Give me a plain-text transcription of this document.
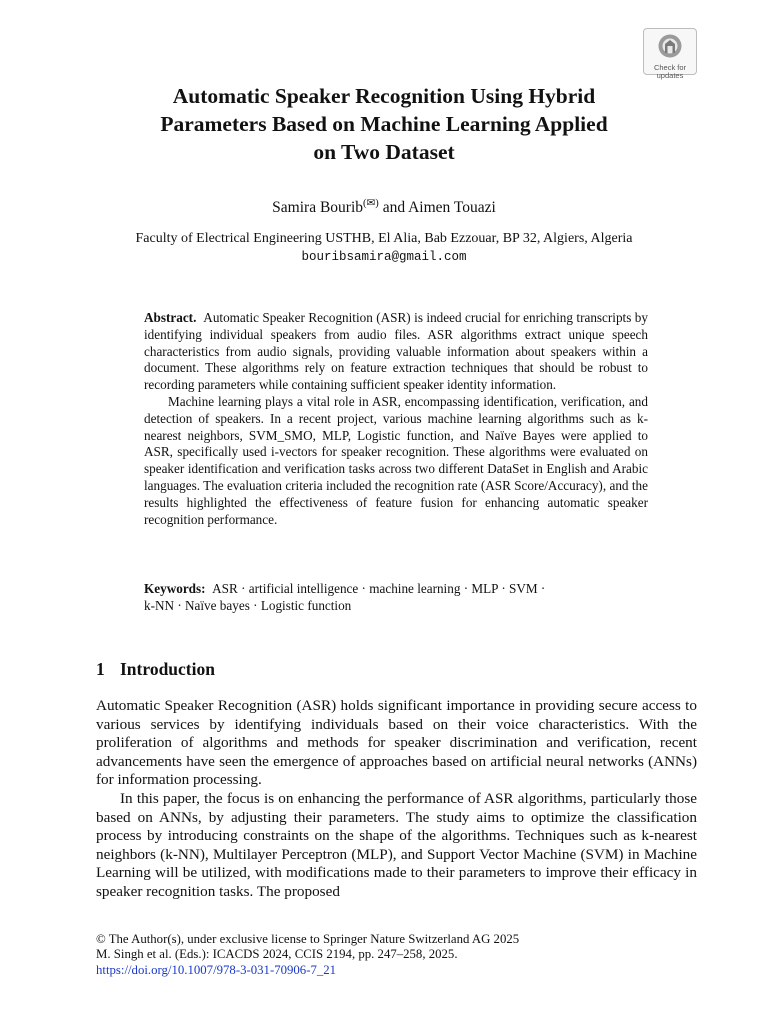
Check for
updates
Automatic Speaker Recognition Using Hybrid
Parameters Based on Machine Learning Applied
on Two Dataset
Samira Bourib(✉) and Aimen Touazi
Faculty of Electrical Engineering USTHB, El Alia, Bab Ezzouar, BP 32, Algiers, Algeria
bouribsamira@gmail.com

Abstract. Automatic Speaker Recognition (ASR) is indeed crucial for enriching transcripts by identifying individual speakers from audio files. ASR algorithms extract unique speech characteristics from audio signals, providing valuable information about speakers within a document. These algorithms rely on feature extraction techniques that should be robust to recording parameters while containing sufficient speaker identity information.

Machine learning plays a vital role in ASR, encompassing identification, verification, and detection of speakers. In a recent project, various machine learning algorithms such as k-nearest neighbors, SVM_SMO, MLP, Logistic function, and Naïve Bayes were applied to ASR, specifically used i-vectors for speaker recognition. These algorithms were evaluated on speaker identification and verification tasks across two different DataSet in English and Arabic languages. The evaluation criteria included the recognition rate (ASR Score/Accuracy), and the results highlighted the effectiveness of feature fusion for enhancing automatic speaker recognition performance.

Keywords: ASR · artificial intelligence · machine learning · MLP · SVM ·
k-NN · Naïve bayes · Logistic function
1 Introduction

Automatic Speaker Recognition (ASR) holds significant importance in providing secure access to various services by identifying individuals based on their voice characteristics. With the proliferation of algorithms and methods for speaker discrimination and verification, recent advancements have seen the emergence of approaches based on artificial neural networks (ANNs) for information processing.

In this paper, the focus is on enhancing the performance of ASR algorithms, particularly those based on ANNs, by adjusting their parameters. The study aims to optimize the classification process by introducing constraints on the shape of the algorithms. Techniques such as k-nearest neighbors (k-NN), Multilayer Perceptron (MLP), and Support Vector Machine (SVM) in Machine Learning will be utilized, with modifications made to their parameters to improve their efficacy in speaker recognition tasks. The proposed

© The Author(s), under exclusive license to Springer Nature Switzerland AG 2025
M. Singh et al. (Eds.): ICACDS 2024, CCIS 2194, pp. 247–258, 2025.
https://doi.org/10.1007/978-3-031-70906-7_21
